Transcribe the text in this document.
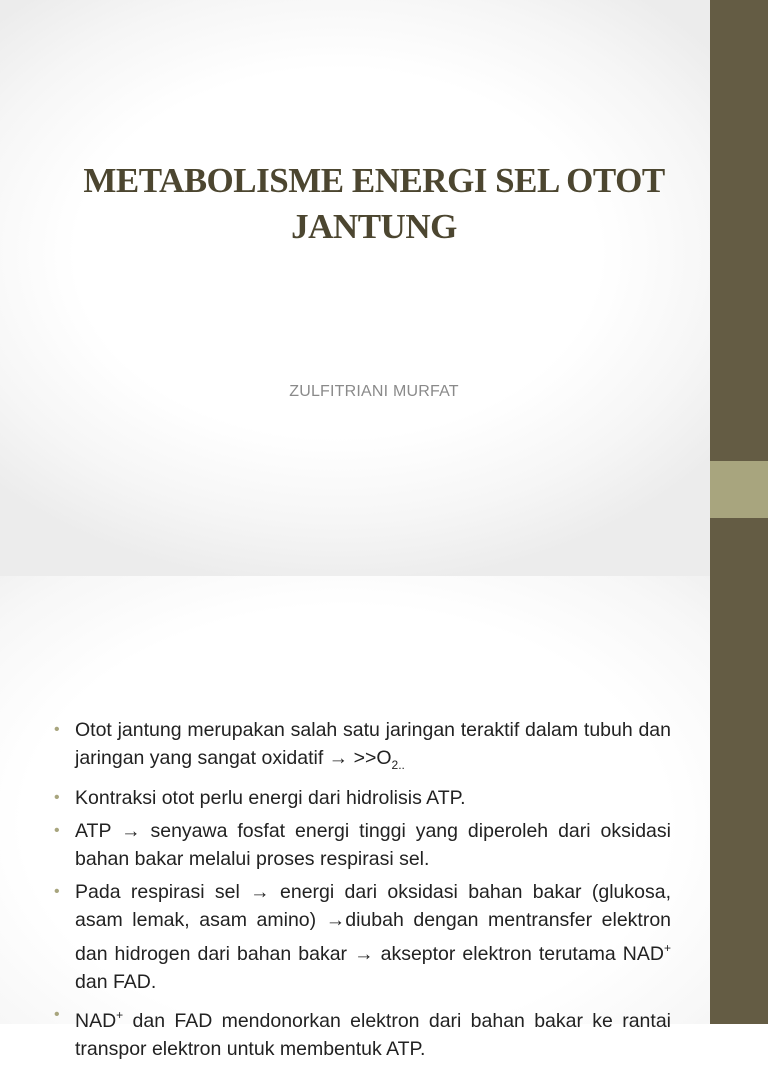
METABOLISME ENERGI SEL OTOT JANTUNG

ZULFITRIANI MURFAT

• Otot jantung merupakan salah satu jaringan teraktif dalam tubuh dan jaringan yang sangat oxidatif → $>>O_{2..}$
• Kontraksi otot perlu energi dari hidrolisis ATP.
• ATP → senyawa fosfat energi tinggi yang diperoleh dari oksidasi bahan bakar melalui proses respirasi sel.
• Pada respirasi sel → energi dari oksidasi bahan bakar (glukosa, asam lemak, asam amino) →diubah dengan mentransfer elektron dan hidrogen dari bahan bakar → akseptor elektron terutama NAD+ dan FAD.
• NAD+ dan FAD mendonorkan elektron dari bahan bakar ke rantai transpor elektron untuk membentuk ATP.
